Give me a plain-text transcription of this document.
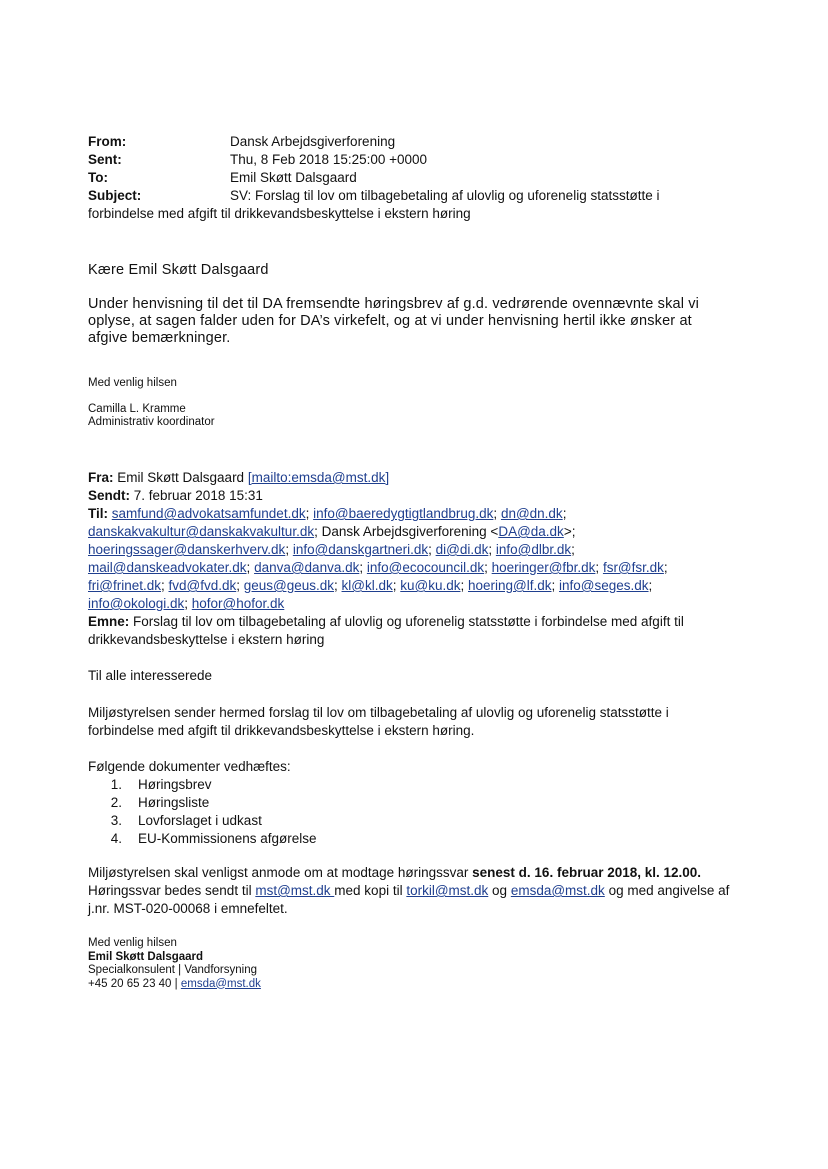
From:	Dansk Arbejdsgiverforening
Sent:	Thu, 8 Feb 2018 15:25:00 +0000
To:	Emil Skøtt Dalsgaard
Subject:	SV: Forslag til lov om tilbagebetaling af ulovlig og uforenelig statsstøtte i
forbindelse med afgift til drikkevandsbeskyttelse i ekstern høring
Kære Emil Skøtt Dalsgaard
Under henvisning til det til DA fremsendte høringsbrev af g.d. vedrørende ovennævnte skal vi oplyse, at sagen falder uden for DA’s virkefelt, og at vi under henvisning hertil ikke ønsker at afgive bemærkninger.
Med venlig hilsen
Camilla L. Kramme
Administrativ koordinator
Fra: Emil Skøtt Dalsgaard [mailto:emsda@mst.dk]
Sendt: 7. februar 2018 15:31
Til: samfund@advokatsamfundet.dk; info@baeredygtigtlandbrug.dk; dn@dn.dk;
danskakvakultur@danskakvakultur.dk; Dansk Arbejdsgiverforening <DA@da.dk>;
hoeringssager@danskerhverv.dk; info@danskgartneri.dk; di@di.dk; info@dlbr.dk;
mail@danskeadvokater.dk; danva@danva.dk; info@ecocouncil.dk; hoeringer@fbr.dk; fsr@fsr.dk;
fri@frinet.dk; fvd@fvd.dk; geus@geus.dk; kl@kl.dk; ku@ku.dk; hoering@lf.dk; info@seges.dk;
info@okologi.dk; hofor@hofor.dk
Emne: Forslag til lov om tilbagebetaling af ulovlig og uforenelig statsstøtte i forbindelse med afgift til drikkevandsbeskyttelse i ekstern høring
Til alle interesserede
Miljøstyrelsen sender hermed forslag til lov om tilbagebetaling af ulovlig og uforenelig statsstøtte i forbindelse med afgift til drikkevandsbeskyttelse i ekstern høring.
Følgende dokumenter vedhæftes:
1.	Høringsbrev
2.	Høringsliste
3.	Lovforslaget i udkast
4.	EU-Kommissionens afgørelse
Miljøstyrelsen skal venligst anmode om at modtage høringssvar senest d. 16. februar 2018, kl. 12.00.
Høringssvar bedes sendt til mst@mst.dk med kopi til torkil@mst.dk og emsda@mst.dk og med angivelse af j.nr. MST-020-00068 i emnefeltet.
Med venlig hilsen
Emil Skøtt Dalsgaard
Specialkonsulent | Vandforsyning
+45 20 65 23 40 | emsda@mst.dk
